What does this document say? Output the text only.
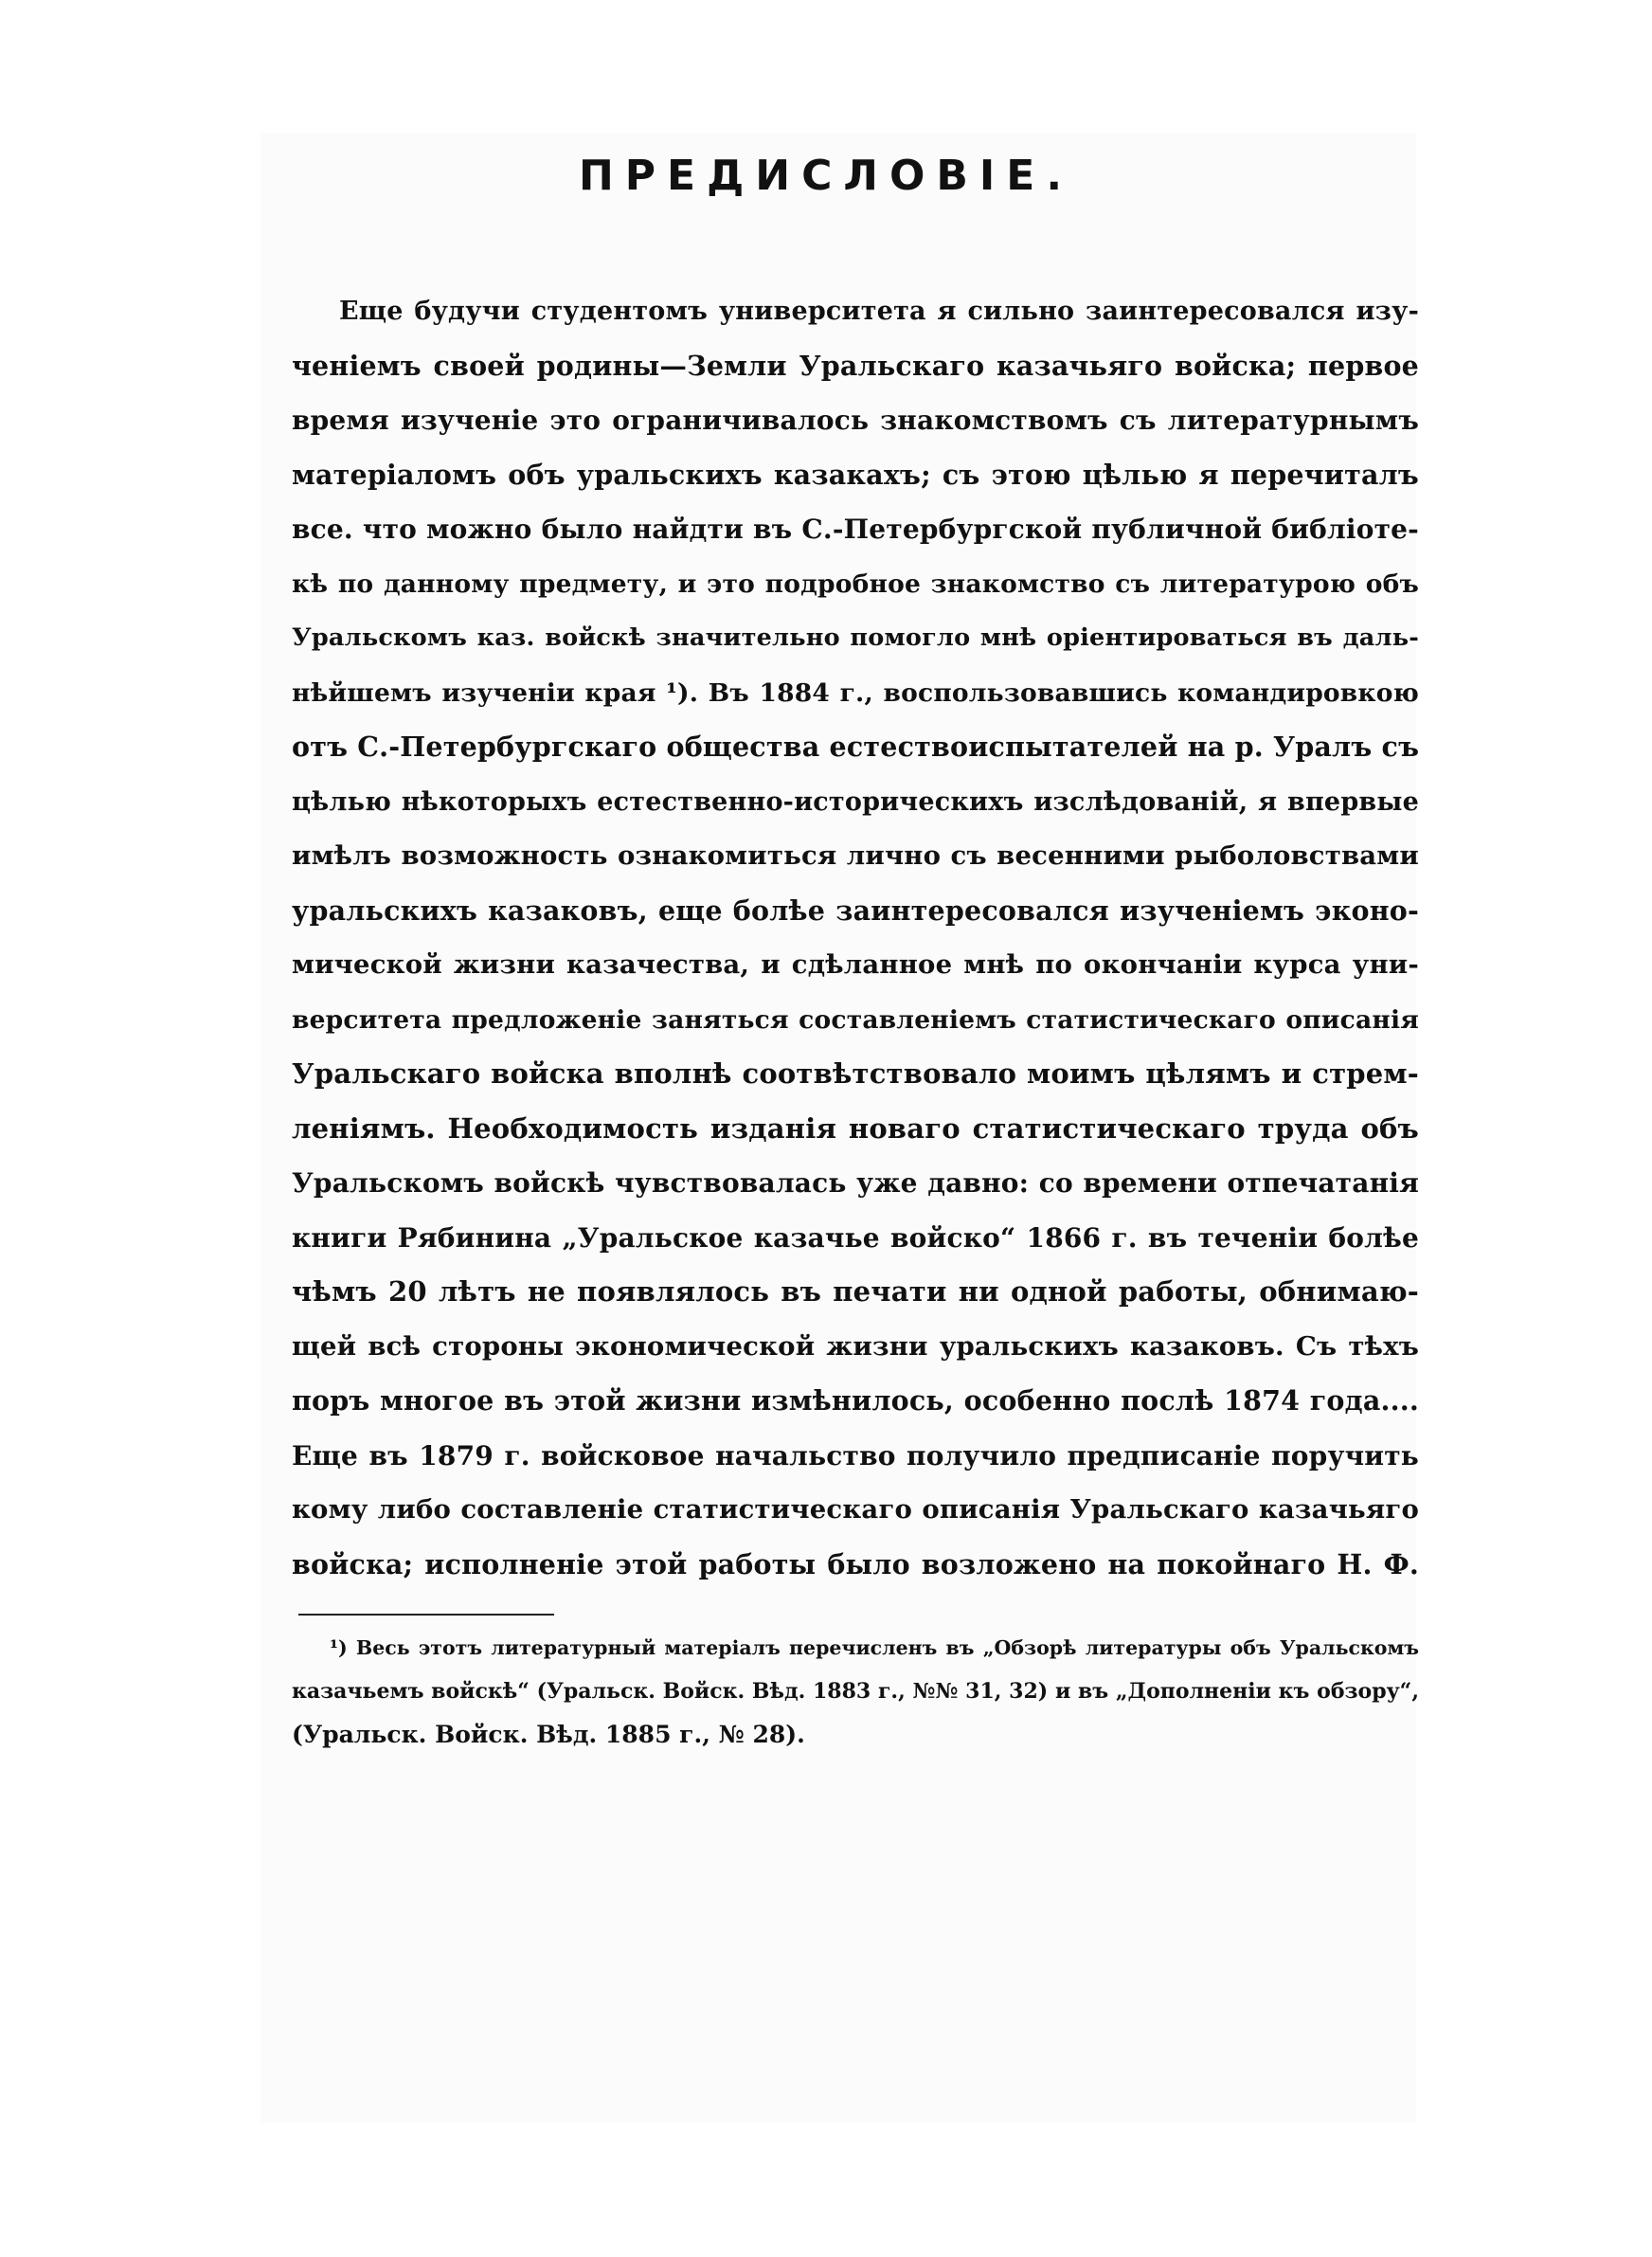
ПРЕДИСЛОВІЕ.
Еще будучи студентомъ университета я сильно заинтересовался изу-
ченіемъ своей родины—Земли Уральскаго казачьяго войска; первое
время изученіе это ограничивалось знакомствомъ съ литературнымъ
матеріаломъ объ уральскихъ казакахъ; съ этою цѣлью я перечиталъ
все. что можно было найдти въ С.-Петербургской публичной библіоте-
кѣ по данному предмету, и это подробное знакомство съ литературою объ
Уральскомъ каз. войскѣ значительно помогло мнѣ оріентироваться въ даль-
нѣйшемъ изученіи края ¹). Въ 1884 г., воспользовавшись командировкою
отъ С.-Петербургскаго общества естествоиспытателей на р. Уралъ съ
цѣлью нѣкоторыхъ естественно-историческихъ изслѣдованій, я впервые
имѣлъ возможность ознакомиться лично съ весенними рыболовствами
уральскихъ казаковъ, еще болѣе заинтересовался изученіемъ эконо-
мической жизни казачества, и сдѣланное мнѣ по окончаніи курса уни-
верситета предложеніе заняться составленіемъ статистическаго описанія
Уральскаго войска вполнѣ соотвѣтствовало моимъ цѣлямъ и стрем-
леніямъ. Необходимость изданія новаго статистическаго труда объ
Уральскомъ войскѣ чувствовалась уже давно: со времени отпечатанія
книги Рябинина „Уральское казачье войско“ 1866 г. въ теченіи болѣе
чѣмъ 20 лѣтъ не появлялось въ печати ни одной работы, обнимаю-
щей всѣ стороны экономической жизни уральскихъ казаковъ. Съ тѣхъ
поръ многое въ этой жизни измѣнилось, особенно послѣ 1874 года....
Еще въ 1879 г. войсковое начальство получило предписаніе поручить
кому либо составленіе статистическаго описанія Уральскаго казачьяго
войска; исполненіе этой работы было возложено на покойнаго Н. Ф.
¹) Весь этотъ литературный матеріалъ перечисленъ въ „Обзорѣ литературы объ Уральскомъ
казачьемъ войскѣ“ (Уральск. Войск. Вѣд. 1883 г., №№ 31, 32) и въ „Дополненіи къ обзору“,
(Уральск. Войск. Вѣд. 1885 г., № 28).
